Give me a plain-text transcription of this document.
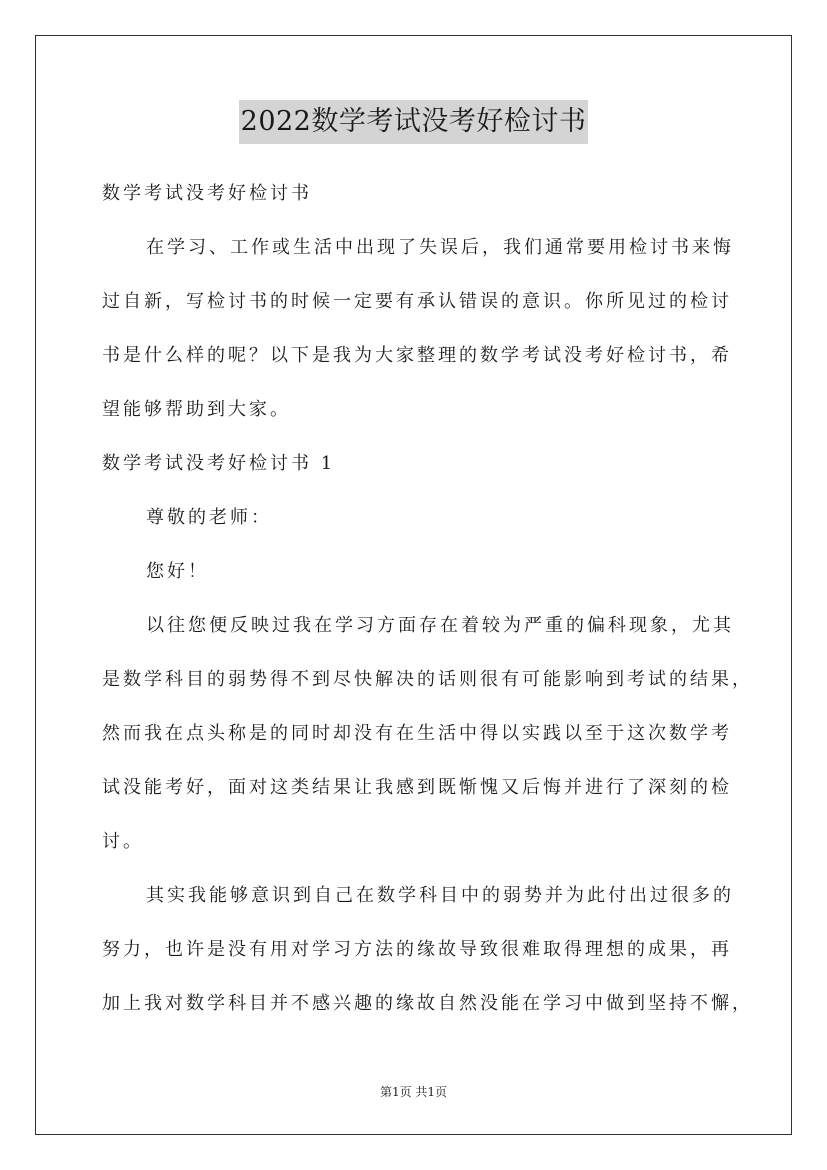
2022数学考试没考好检讨书
数学考试没考好检讨书
在学习、工作或生活中出现了失误后，我们通常要用检讨书来悔
过自新，写检讨书的时候一定要有承认错误的意识。你所见过的检讨
书是什么样的呢？以下是我为大家整理的数学考试没考好检讨书，希
望能够帮助到大家。
数学考试没考好检讨书 1
尊敬的老师：
您好！
以往您便反映过我在学习方面存在着较为严重的偏科现象，尤其
是数学科目的弱势得不到尽快解决的话则很有可能影响到考试的结果，
然而我在点头称是的同时却没有在生活中得以实践以至于这次数学考
试没能考好，面对这类结果让我感到既惭愧又后悔并进行了深刻的检
讨。
其实我能够意识到自己在数学科目中的弱势并为此付出过很多的
努力，也许是没有用对学习方法的缘故导致很难取得理想的成果，再
加上我对数学科目并不感兴趣的缘故自然没能在学习中做到坚持不懈，
第1页 共1页
